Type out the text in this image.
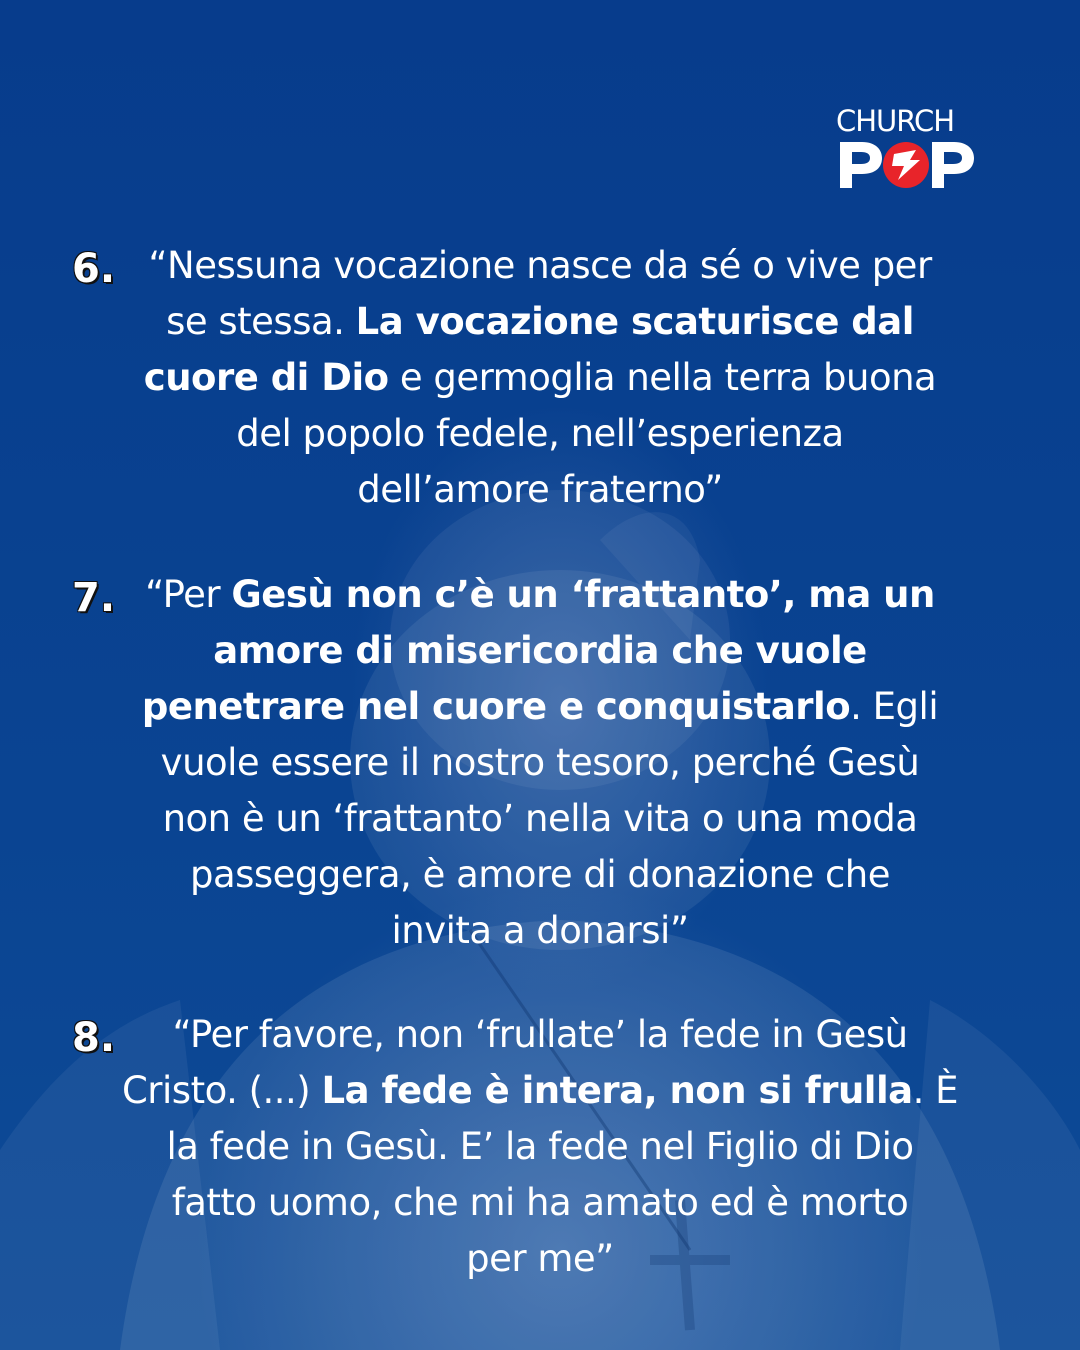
CHURCH
6. “Nessuna vocazione nasce da sé o vive per
se stessa. La vocazione scaturisce dal
cuore di Dio e germoglia nella terra buona
del popolo fedele, nell’esperienza
dell’amore fraterno”
7. “Per Gesù non c’è un ‘frattanto’, ma un
amore di misericordia che vuole
penetrare nel cuore e conquistarlo. Egli
vuole essere il nostro tesoro, perché Gesù
non è un ‘frattanto’ nella vita o una moda
passeggera, è amore di donazione che
invita a donarsi”
8.	“Per favore, non ‘frullate’ la fede in Gesù
Cristo. (...) La fede è intera, non si frulla. È
la fede in Gesù. E’ la fede nel Figlio di Dio
fatto uomo, che mi ha amato ed è morto
per me”
